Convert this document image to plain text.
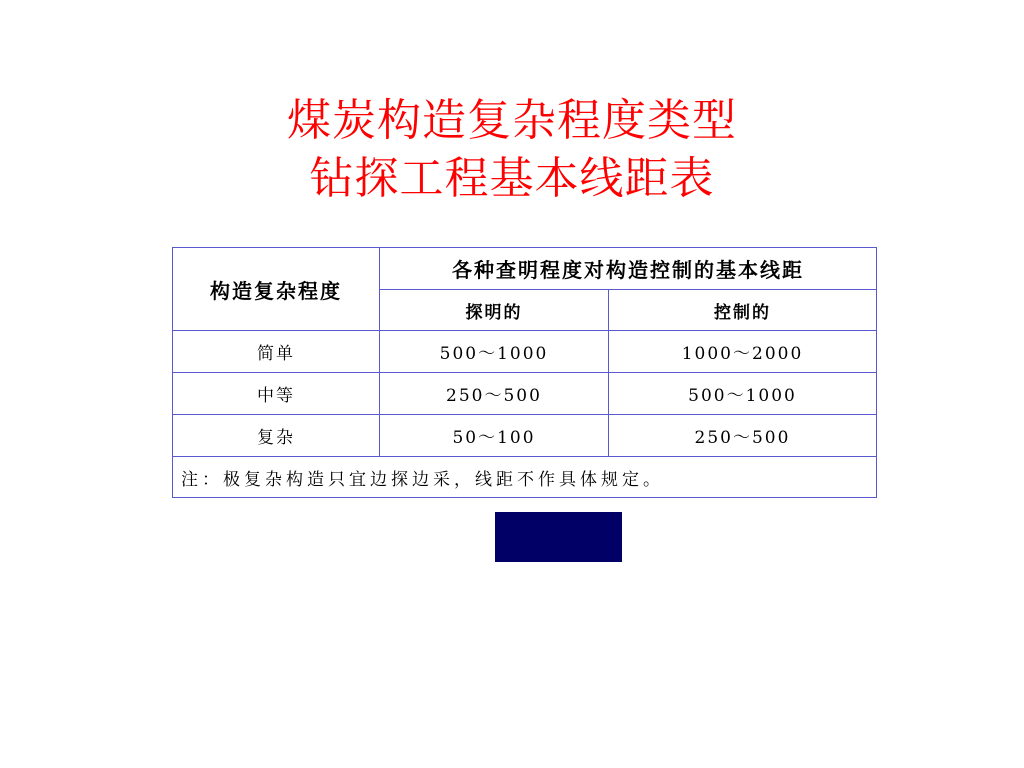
煤炭构造复杂程度类型
钻探工程基本线距表
构造复杂程度	各种查明程度对构造控制的基本线距	
	探明的	控制的
简单	500～1000	1000～2000
中等	250～500	500～1000
复杂	50～100	250～500
注：极复杂构造只宜边探边采，线距不作具体规定。		
